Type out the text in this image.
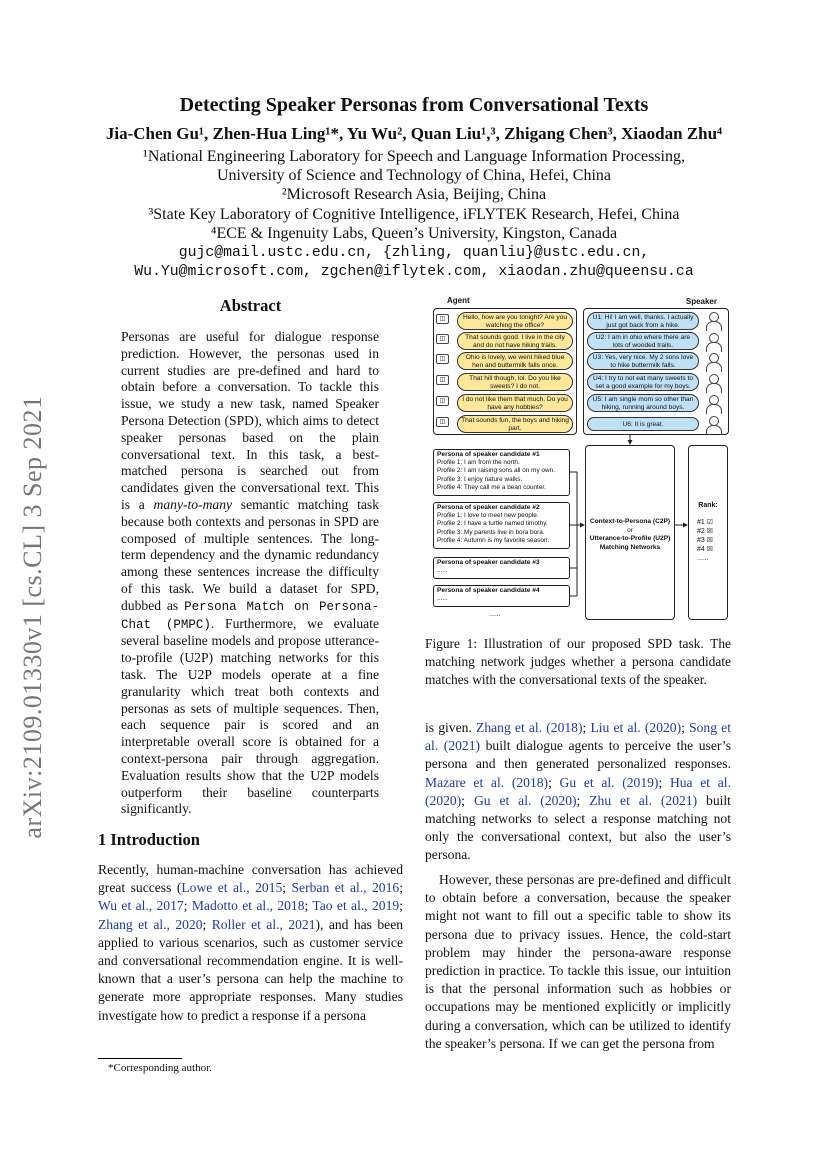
arXiv:2109.01330v1 [cs.CL] 3 Sep 2021
Detecting Speaker Personas from Conversational Texts
Jia-Chen Gu¹, Zhen-Hua Ling¹*, Yu Wu², Quan Liu¹,³, Zhigang Chen³, Xiaodan Zhu⁴
¹National Engineering Laboratory for Speech and Language Information Processing,
University of Science and Technology of China, Hefei, China
²Microsoft Research Asia, Beijing, China
³State Key Laboratory of Cognitive Intelligence, iFLYTEK Research, Hefei, China
⁴ECE & Ingenuity Labs, Queen’s University, Kingston, Canada
gujc@mail.ustc.edu.cn, {zhling, quanliu}@ustc.edu.cn,
Wu.Yu@microsoft.com, zgchen@iflytek.com, xiaodan.zhu@queensu.ca
Abstract
Personas are useful for dialogue response prediction. However, the personas used in current studies are pre-defined and hard to obtain before a conversation. To tackle this issue, we study a new task, named Speaker Persona Detection (SPD), which aims to detect speaker personas based on the plain conversational text. In this task, a best-matched persona is searched out from candidates given the conversational text. This is a many-to-many semantic matching task because both contexts and personas in SPD are composed of multiple sentences. The long-term dependency and the dynamic redundancy among these sentences increase the difficulty of this task. We build a dataset for SPD, dubbed as Persona Match on Persona-Chat (PMPC). Furthermore, we evaluate several baseline models and propose utterance-to-profile (U2P) matching networks for this task. The U2P models operate at a fine granularity which treat both contexts and personas as sets of multiple sequences. Then, each sequence pair is scored and an interpretable overall score is obtained for a context-persona pair through aggregation. Evaluation results show that the U2P models outperform their baseline counterparts significantly.
1 Introduction
Recently, human-machine conversation has achieved great success (Lowe et al., 2015; Serban et al., 2016; Wu et al., 2017; Madotto et al., 2018; Tao et al., 2019; Zhang et al., 2020; Roller et al., 2021), and has been applied to various scenarios, such as customer service and conversational recommendation engine. It is well-known that a user’s persona can help the machine to generate more appropriate responses. Many studies investigate how to predict a response if a persona
*Corresponding author.
Agent	Speaker
◫
◫
◫
◫
◫
◫
Hello, how are you tonight? Are you watching the office?
That sounds good. I live in the city and do not have hiking trails.
Ohio is lovely, we went hiked blue hen and buttermilk falls once.
That hill though, lol. Do you like sweets? I do not.
I do not like them that much. Do you have any hobbies?
That sounds fun, the boys and hiking part.
U1: Hi! I am well, thanks. I actually just got back from a hike.
U2: I am in ohio where there are lots of wooded trails.
U3: Yes, very nice. My 2 sons love to hike buttermilk falls.
U4: I try to not eat many sweets to set a good example for my boys.
U5: I am single mom so other than hiking, running around boys.
U6: It is great.
Persona of speaker candidate #1
Profile 1: I am from the north.
Profile 2: I am raising sons all on my own.
Profile 3: I enjoy nature walks.
Profile 4: They call me a bean counter.
Persona of speaker candidate #2
Profile 1: I love to meet new people.
Profile 2: I have a turtle named timothy.
Profile 3: My parents live in bora bora.
Profile 4: Autumn is my favorite season.
Persona of speaker candidate #3
......
Persona of speaker candidate #4
......
......
Context-to-Persona (C2P)
or
Utterance-to-Profile (U2P)
Matching Networks
Rank:
#1 ☑
#2 ☒
#3 ☒
#4 ☒
......
Figure 1: Illustration of our proposed SPD task. The matching network judges whether a persona candidate matches with the conversational texts of the speaker.
is given. Zhang et al. (2018); Liu et al. (2020); Song et al. (2021) built dialogue agents to perceive the user’s persona and then generated personalized responses. Mazare et al. (2018); Gu et al. (2019); Hua et al. (2020); Gu et al. (2020); Zhu et al. (2021) built matching networks to select a response matching not only the conversational context, but also the user’s persona.
However, these personas are pre-defined and difficult to obtain before a conversation, because the speaker might not want to fill out a specific table to show its persona due to privacy issues. Hence, the cold-start problem may hinder the persona-aware response prediction in practice. To tackle this issue, our intuition is that the personal information such as hobbies or occupations may be mentioned explicitly or implicitly during a conversation, which can be utilized to identify the speaker’s persona. If we can get the persona from
